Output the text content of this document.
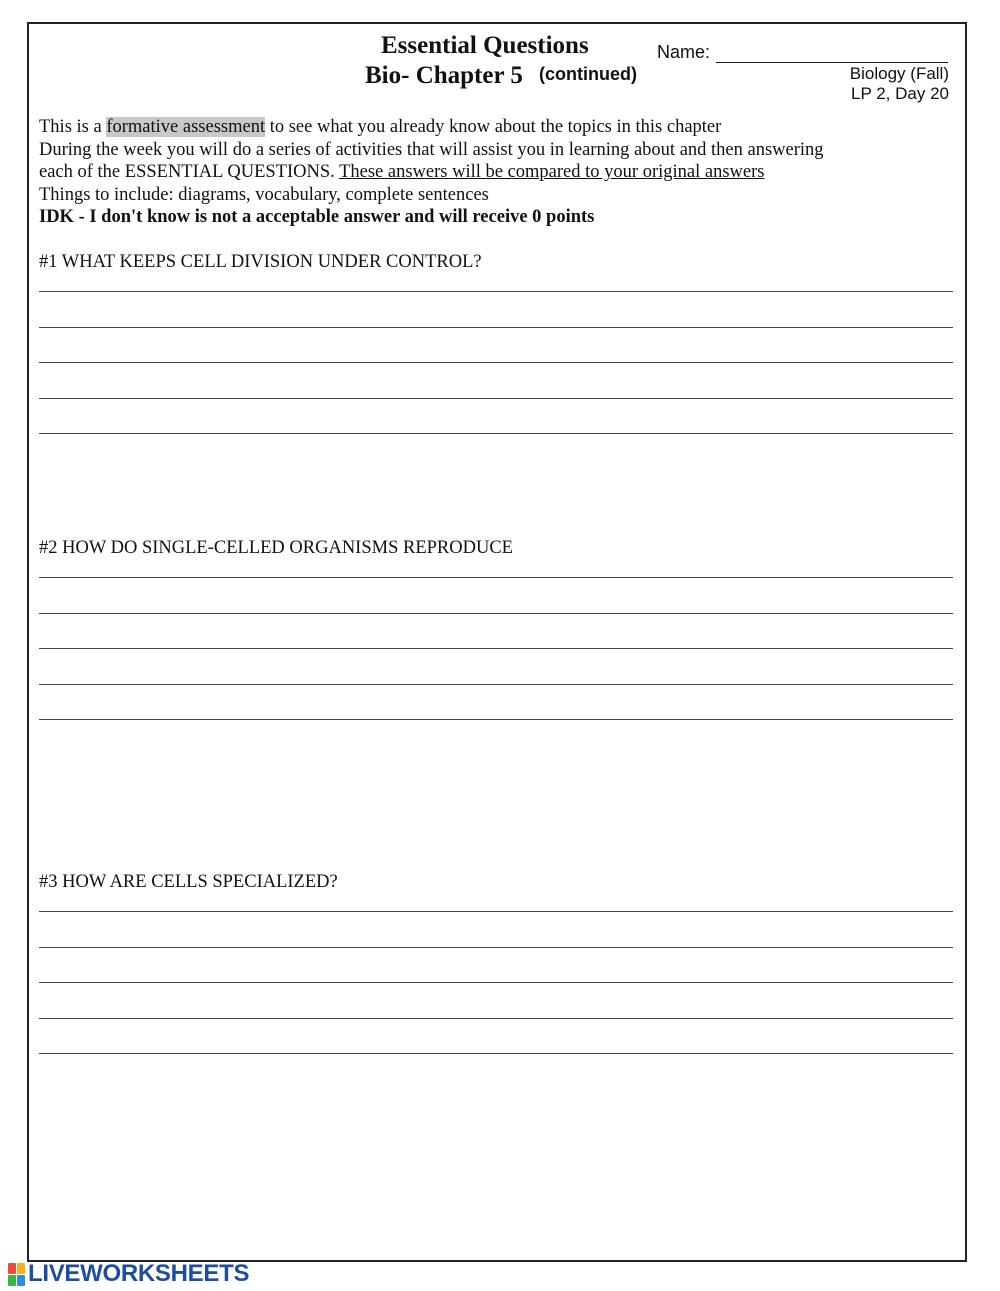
Essential Questions
Bio- Chapter 5 (continued)
Name:
Biology (Fall)
LP 2, Day 20
This is a formative assessment to see what you already know about the topics in this chapter
During the week you will do a series of activities that will assist you in learning about and then answering
each of the ESSENTIAL QUESTIONS. These answers will be compared to your original answers
Things to include: diagrams, vocabulary, complete sentences
IDK - I don't know is not a acceptable answer and will receive 0 points
#1 WHAT KEEPS CELL DIVISION UNDER CONTROL?
#2 HOW DO SINGLE-CELLED ORGANISMS REPRODUCE
#3 HOW ARE CELLS SPECIALIZED?
LIVEWORKSHEETS
